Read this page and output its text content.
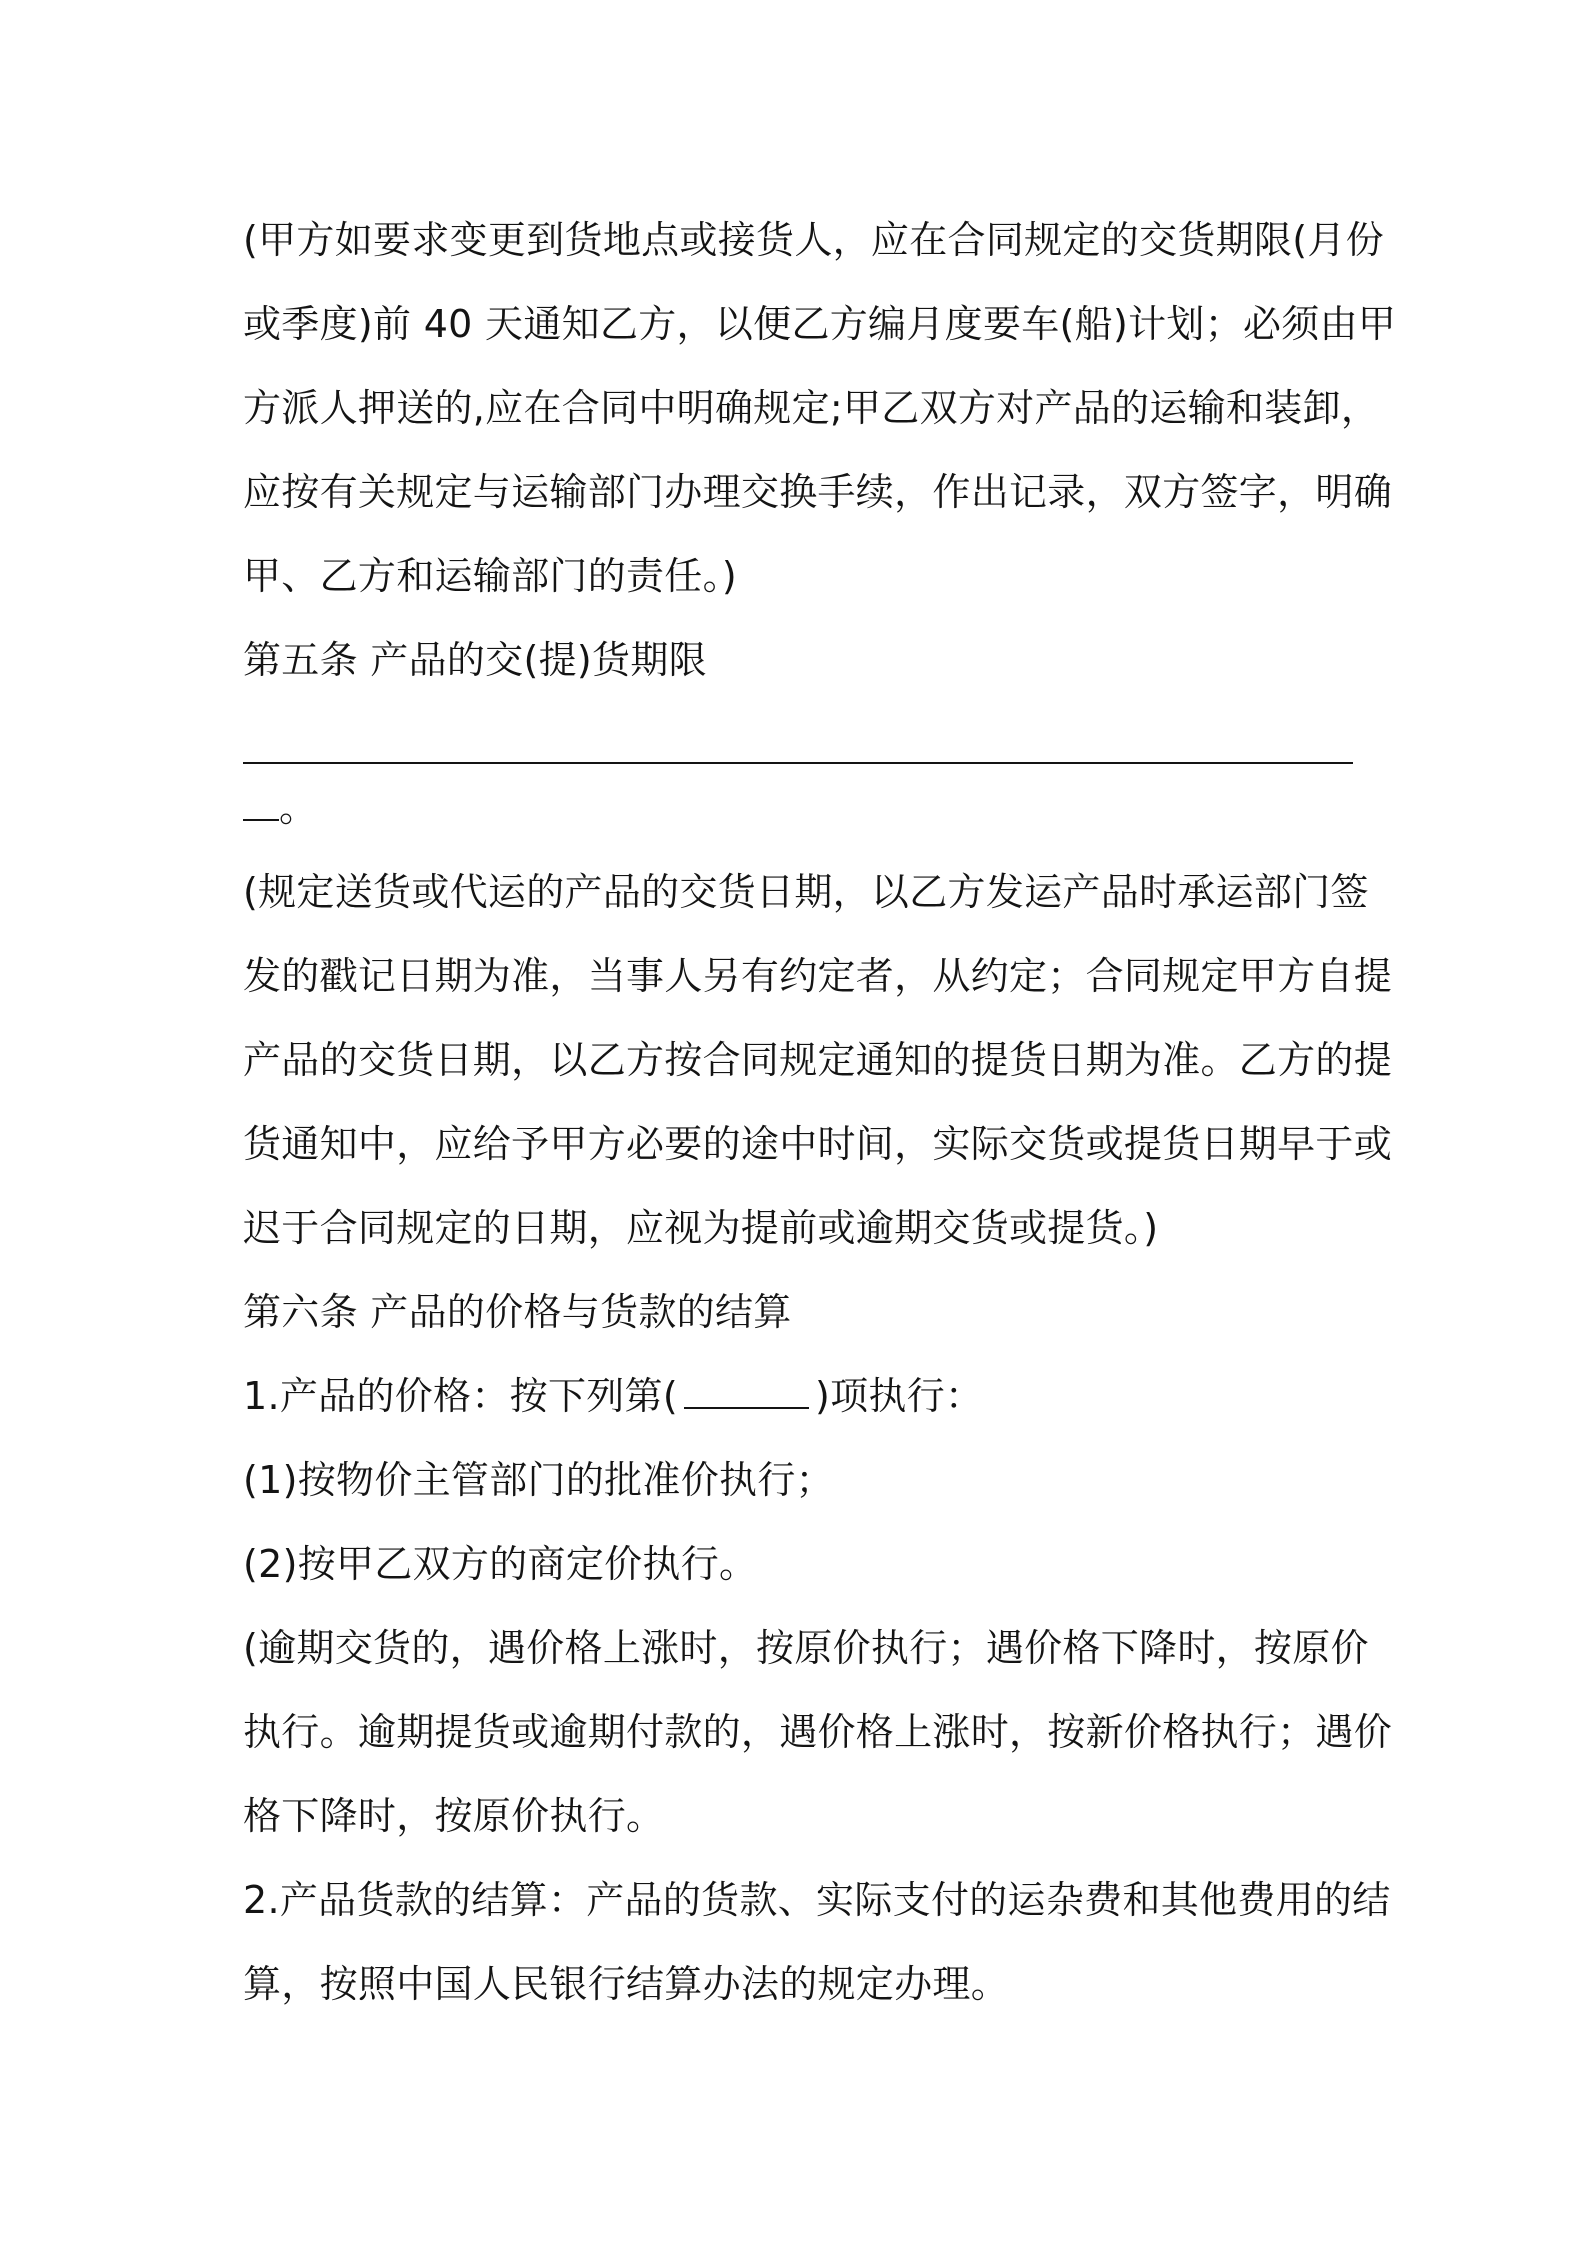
(甲方如要求变更到货地点或接货人，应在合同规定的交货期限(月份
或季度)前 40 天通知乙方，以便乙方编月度要车(船)计划；必须由甲
方派人押送的,应在合同中明确规定;甲乙双方对产品的运输和装卸，
应按有关规定与运输部门办理交换手续，作出记录，双方签字，明确
甲、乙方和运输部门的责任。)
第五条 产品的交(提)货期限
。
(规定送货或代运的产品的交货日期，以乙方发运产品时承运部门签
发的戳记日期为准，当事人另有约定者，从约定；合同规定甲方自提
产品的交货日期，以乙方按合同规定通知的提货日期为准。乙方的提
货通知中，应给予甲方必要的途中时间，实际交货或提货日期早于或
迟于合同规定的日期，应视为提前或逾期交货或提货。)
第六条 产品的价格与货款的结算
1.产品的价格：按下列第(	)项执行：
(1)按物价主管部门的批准价执行；
(2)按甲乙双方的商定价执行。
(逾期交货的，遇价格上涨时，按原价执行；遇价格下降时，按原价
执行。逾期提货或逾期付款的，遇价格上涨时，按新价格执行；遇价
格下降时，按原价执行。
2.产品货款的结算：产品的货款、实际支付的运杂费和其他费用的结
算，按照中国人民银行结算办法的规定办理。
